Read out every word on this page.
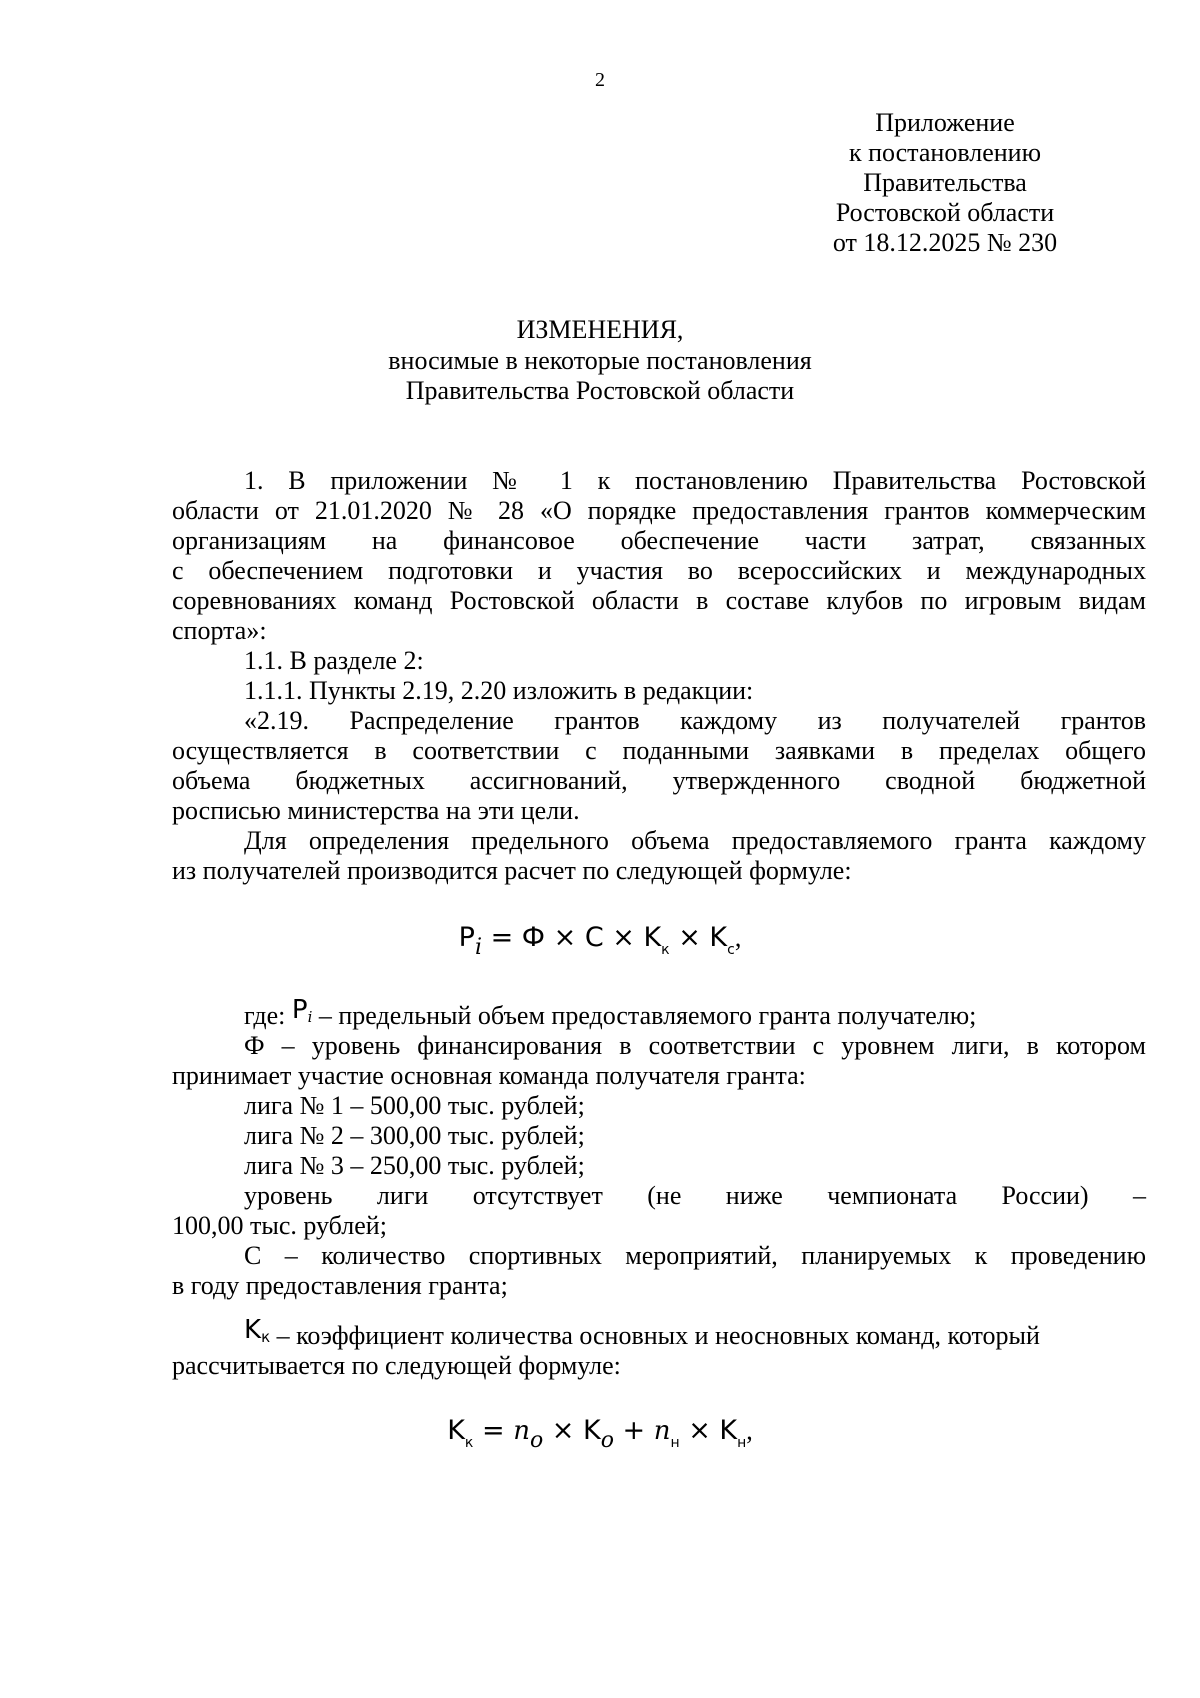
2
Приложение
к постановлению
Правительства
Ростовской области
от 18.12.2025 № 230
ИЗМЕНЕНИЯ,
вносимые в некоторые постановления
Правительства Ростовской области
1. В приложении № 1 к постановлению Правительства Ростовской
области от 21.01.2020 № 28 «О порядке предоставления грантов коммерческим
организациям на финансовое обеспечение части затрат, связанных
с обеспечением подготовки и участия во всероссийских и международных
соревнованиях команд Ростовской области в составе клубов по игровым видам
спорта»:
1.1. В разделе 2:
1.1.1. Пункты 2.19, 2.20 изложить в редакции:
«2.19. Распределение грантов каждому из получателей грантов
осуществляется в соответствии с поданными заявками в пределах общего
объема бюджетных ассигнований, утвержденного сводной бюджетной
росписью министерства на эти цели.
Для определения предельного объема предоставляемого гранта каждому
из получателей производится расчет по следующей формуле:
$P_i = Ф \times С \times K_к \times K_с$,
где: Pi – предельный объем предоставляемого гранта получателю;
Ф – уровень финансирования в соответствии с уровнем лиги, в котором
принимает участие основная команда получателя гранта:
лига № 1 – 500,00 тыс. рублей;
лига № 2 – 300,00 тыс. рублей;
лига № 3 – 250,00 тыс. рублей;
уровень лиги отсутствует (не ниже чемпионата России) –
100,00 тыс. рублей;
С – количество спортивных мероприятий, планируемых к проведению
в году предоставления гранта;
Kк – коэффициент количества основных и неосновных команд, который
рассчитывается по следующей формуле:
$K_к = n_o \times K_o + n_н \times K_н$,
